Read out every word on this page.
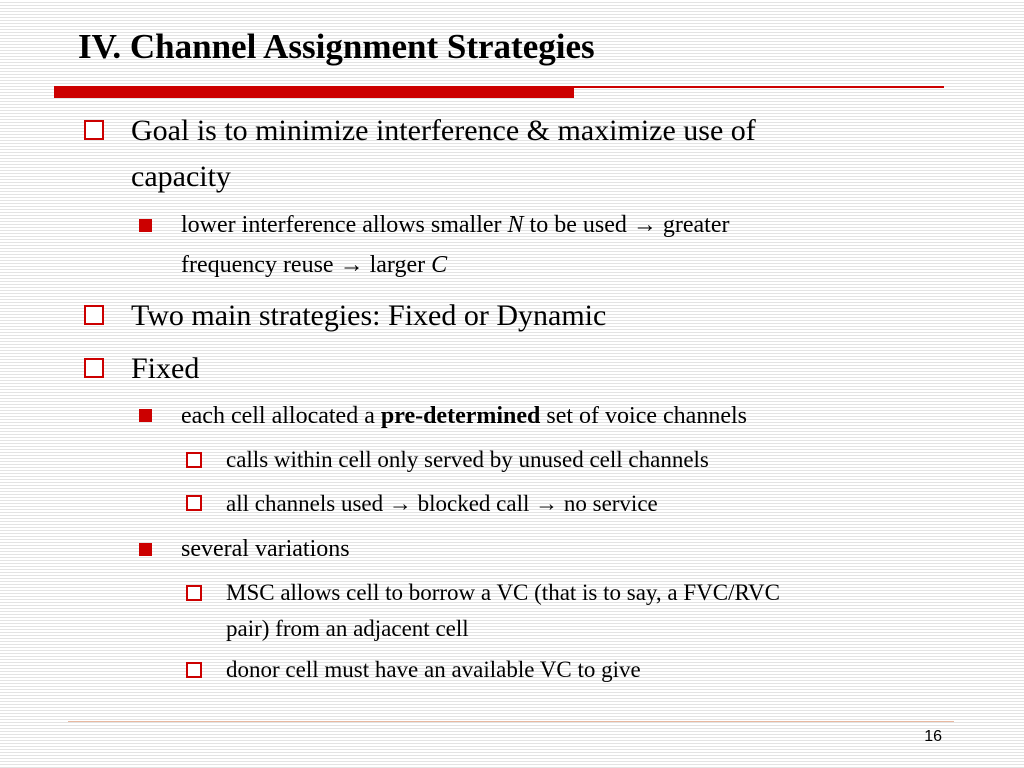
IV. Channel Assignment Strategies
Goal is to minimize interference & maximize use of
capacity
lower interference allows smaller N to be used → greater
frequency reuse → larger C
Two main strategies: Fixed or Dynamic
Fixed
each cell allocated a pre-determined set of voice channels
calls within cell only served by unused cell channels
all channels used → blocked call → no service
several variations
MSC allows cell to borrow a VC (that is to say, a FVC/RVC
pair) from an adjacent cell
donor cell must have an available VC to give
16
